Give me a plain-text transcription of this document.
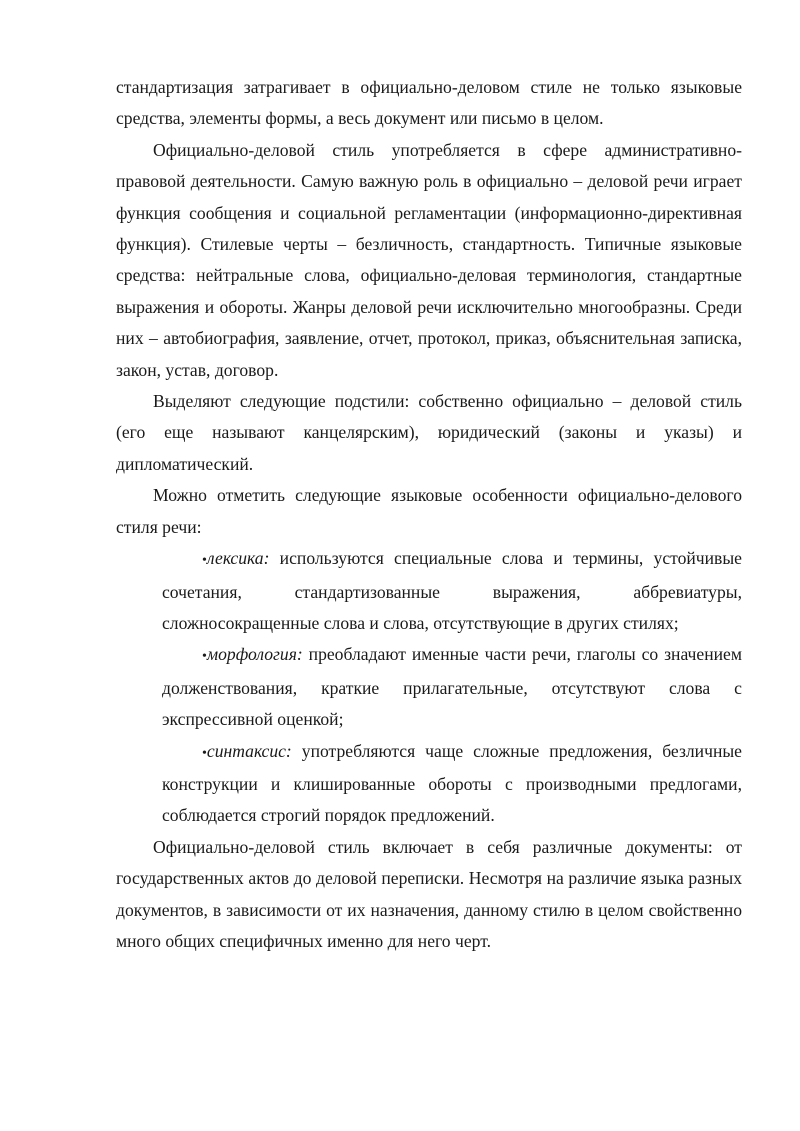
стандартизация затрагивает в официально-деловом стиле не только языковые средства, элементы формы, а весь документ или письмо в целом.

Официально-деловой стиль употребляется в сфере административно-правовой деятельности. Самую важную роль в официально – деловой речи играет функция сообщения и социальной регламентации (информационно-директивная функция). Стилевые черты – безличность, стандартность. Типичные языковые средства: нейтральные слова, официально-деловая терминология, стандартные выражения и обороты. Жанры деловой речи исключительно многообразны. Среди них – автобиография, заявление, отчет, протокол, приказ, объяснительная записка, закон, устав, договор.

Выделяют следующие подстили: собственно официально – деловой стиль (его еще называют канцелярским), юридический (законы и указы) и дипломатический.

Можно отметить следующие языковые особенности официально-делового стиля речи:

•лексика: используются специальные слова и термины, устойчивые сочетания, стандартизованные выражения, аббревиатуры, сложносокращенные слова и слова, отсутствующие в других стилях;

•морфология: преобладают именные части речи, глаголы со значением долженствования, краткие прилагательные, отсутствуют слова с экспрессивной оценкой;

•синтаксис: употребляются чаще сложные предложения, безличные конструкции и клишированные обороты с производными предлогами, соблюдается строгий порядок предложений.

Официально-деловой стиль включает в себя различные документы: от государственных актов до деловой переписки. Несмотря на различие языка разных документов, в зависимости от их назначения, данному стилю в целом свойственно много общих специфичных именно для него черт.
